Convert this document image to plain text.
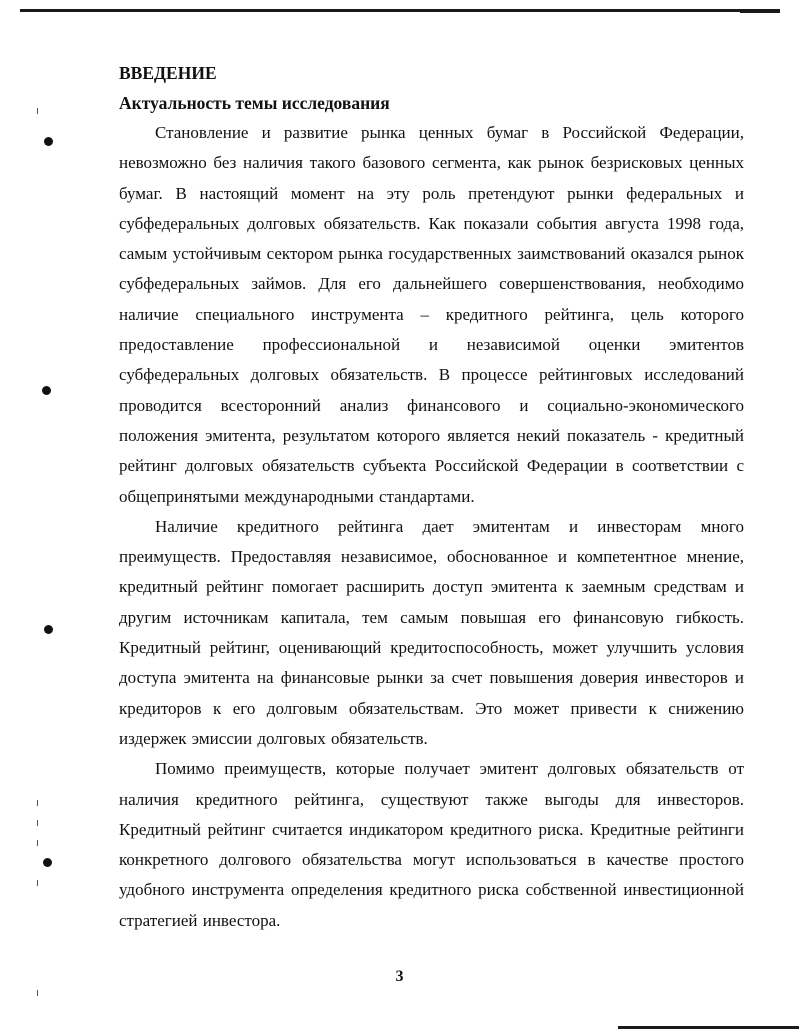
ВВЕДЕНИЕ
Актуальность темы исследования

Становление и развитие рынка ценных бумаг в Российской Федерации, невозможно без наличия такого базового сегмента, как рынок безрисковых ценных бумаг. В настоящий момент на эту роль претендуют рынки федеральных и субфедеральных долговых обязательств. Как показали события августа 1998 года, самым устойчивым сектором рынка государственных заимствований оказался рынок субфедеральных займов. Для его дальнейшего совершенствования, необходимо наличие специального инструмента – кредитного рейтинга, цель которого предоставление профессиональной и независимой оценки эмитентов субфедеральных долговых обязательств. В процессе рейтинговых исследований проводится всесторонний анализ финансового и социально-экономического положения эмитента, результатом которого является некий показатель - кредитный рейтинг долговых обязательств субъекта Российской Федерации в соответствии с общепринятыми международными стандартами.

Наличие кредитного рейтинга дает эмитентам и инвесторам много преимуществ. Предоставляя независимое, обоснованное и компетентное мнение, кредитный рейтинг помогает расширить доступ эмитента к заемным средствам и другим источникам капитала, тем самым повышая его финансовую гибкость. Кредитный рейтинг, оценивающий кредитоспособность, может улучшить условия доступа эмитента на финансовые рынки за счет повышения доверия инвесторов и кредиторов к его долговым обязательствам. Это может привести к снижению издержек эмиссии долговых обязательств.

Помимо преимуществ, которые получает эмитент долговых обязательств от наличия кредитного рейтинга, существуют также выгоды для инвесторов. Кредитный рейтинг считается индикатором кредитного риска. Кредитные рейтинги конкретного долгового обязательства могут использоваться в качестве простого удобного инструмента определения кредитного риска собственной инвестиционной стратегией инвестора.

3
